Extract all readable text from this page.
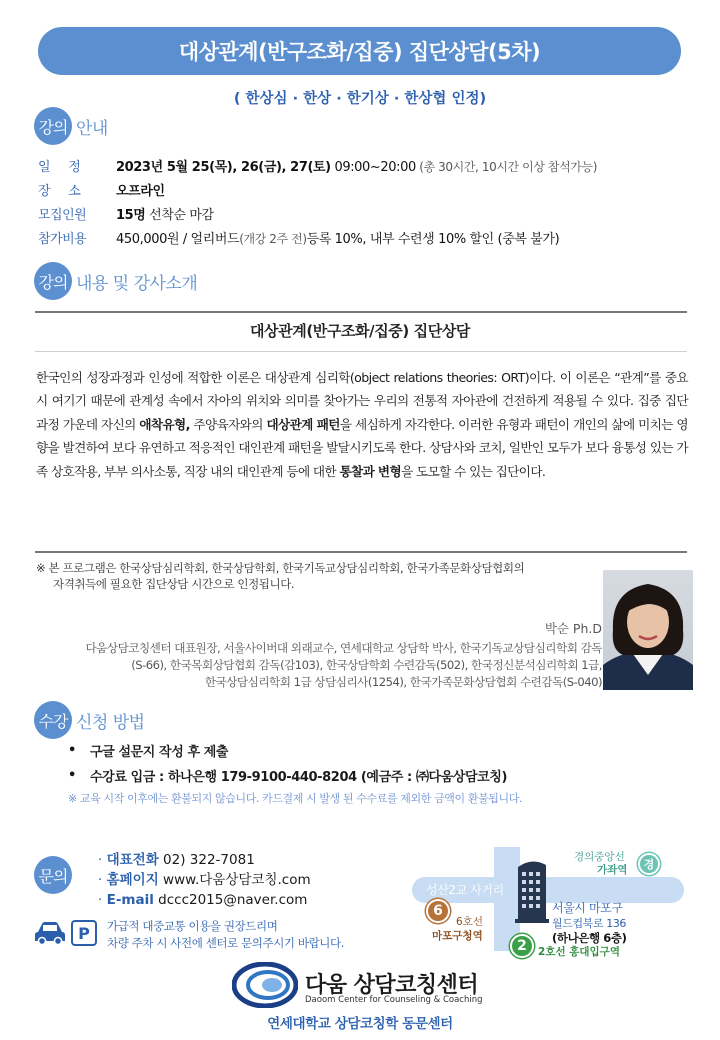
대상관계(반구조화/집중) 집단상담(5차)
( 한상심 · 한상 · 한기상 · 한상협 인정)
강의 안내
일     정	2023년 5월 25(목), 26(금), 27(토) 09:00~20:00 (총 30시간, 10시간 이상 참석가능)
장     소	오프라인
모집인원	15명 선착순 마감
참가비용	450,000원 / 얼리버드(개강 2주 전)등록 10%, 내부 수련생 10% 할인 (중복 불가)
강의 내용 및 강사소개
대상관계(반구조화/집중) 집단상담
한국인의 성장과정과 인성에 적합한 이론은 대상관계 심리학(object relations theories: ORT)이다. 이 이론은 “관계”를 중요시 여기기 때문에 관계성 속에서 자아의 위치와 의미를 찾아가는 우리의 전통적 자아관에 건전하게 적용될 수 있다. 집중 집단 과정 가운데 자신의 애착유형, 주양육자와의 대상관계 패턴을 세심하게 자각한다. 이러한 유형과 패턴이 개인의 삶에 미치는 영향을 발견하여 보다 유연하고 적응적인 대인관계 패턴을 발달시키도록 한다. 상담사와 코치, 일반인 모두가 보다 융통성 있는 가족 상호작용, 부부 의사소통, 직장 내의 대인관계 등에 대한 통찰과 변형을 도모할 수 있는 집단이다.
※ 본 프로그램은 한국상담심리학회, 한국상담학회, 한국기독교상담심리학회, 한국가족문화상담협회의
자격취득에 필요한 집단상담 시간으로 인정됩니다.
박순 Ph.D
다움상담코칭센터 대표원장, 서울사이버대 외래교수, 연세대학교 상담학 박사, 한국기독교상담심리학회 감독
(S-66), 한국목회상담협회 감독(감103), 한국상담학회 수련감독(502), 한국정신분석심리학회 1급,
한국상담심리학회 1급 상담심리사(1254), 한국가족문화상담협회 수련감독(S-040)
수강 신청 방법
•	구글 설문지 작성 후 제출
•	수강료 입금 : 하나은행 179-9100-440-8204 (예금주 : ㈜다움상담코칭)
※ 교육 시작 이후에는 환불되지 않습니다. 카드결제 시 발생 된 수수료를 제외한 금액이 환불됩니다.
문의
· 대표전화 02) 322-7081
· 홈페이지 www.다움상담코칭.com
· E-mail dccc2015@naver.com
P 가급적 대중교통 이용을 권장드리며
차량 주차 시 사전에 센터로 문의주시기 바랍니다.
성산2교 사거리
6
6호선
마포구청역
경의중앙선
가좌역 경
서울시 마포구
월드컵북로 136
(하나은행 6층)
2 2호선 홍대입구역
다움 상담코칭센터
Daoom Center for Counseling & Coaching
연세대학교 상담코칭학 동문센터
